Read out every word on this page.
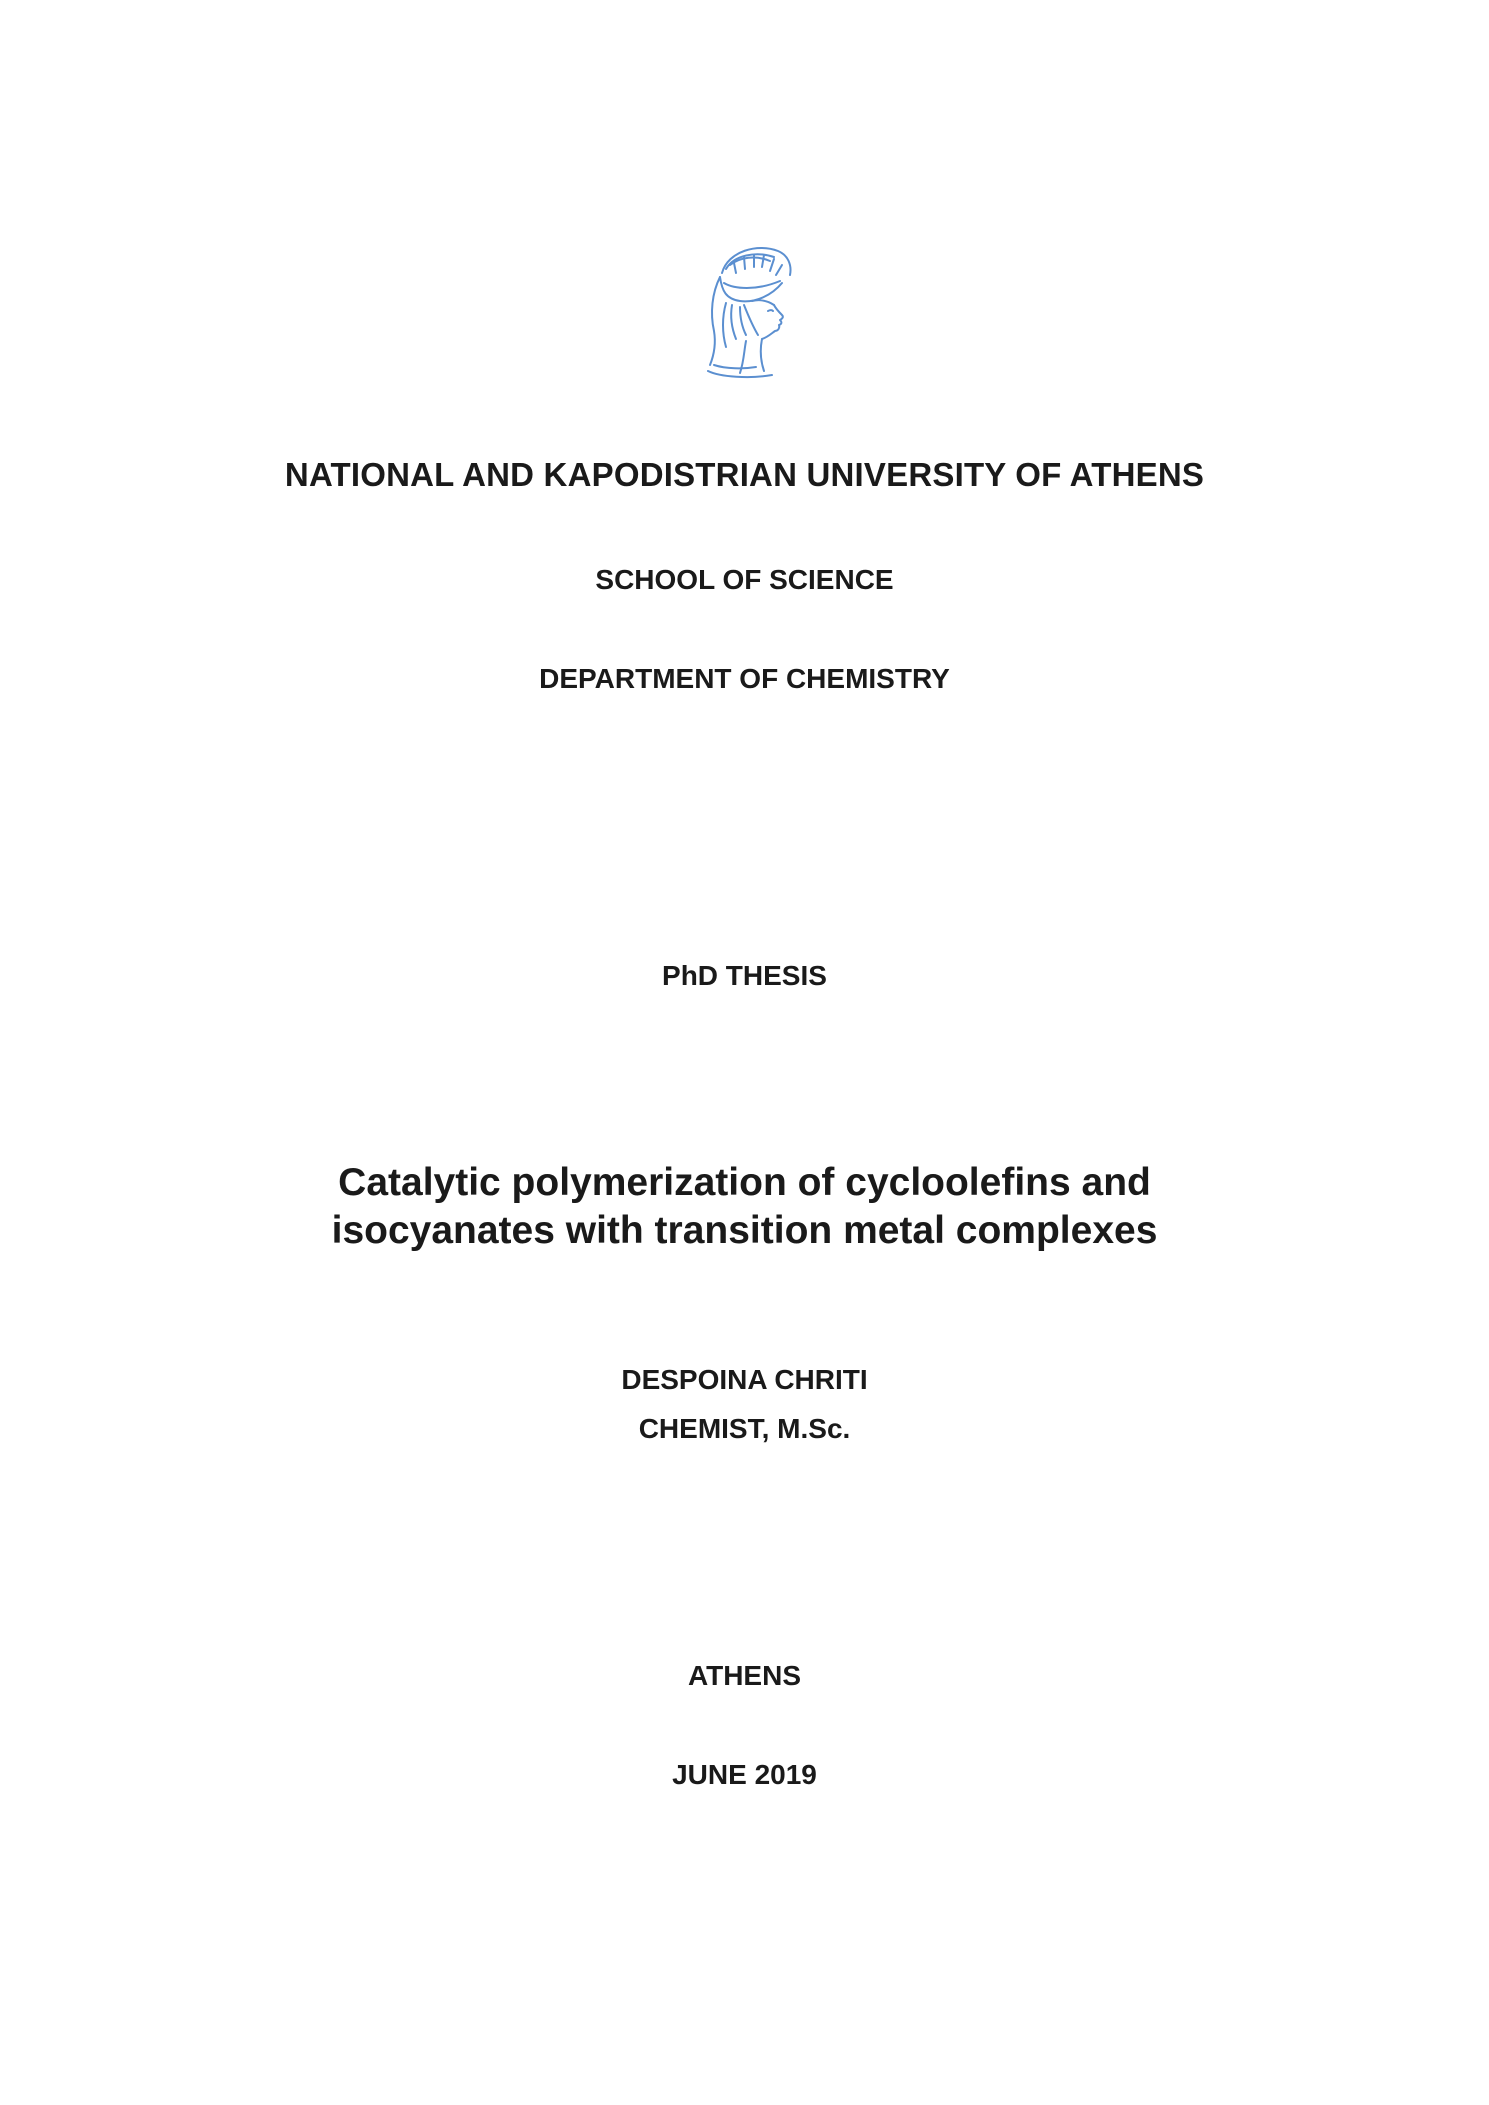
NATIONAL AND KAPODISTRIAN UNIVERSITY OF ATHENS
SCHOOL OF SCIENCE
DEPARTMENT OF CHEMISTRY
PhD THESIS
Catalytic polymerization of cycloolefins and
isocyanates with transition metal complexes
DESPOINA CHRITI
CHEMIST, M.Sc.
ATHENS
JUNE 2019
